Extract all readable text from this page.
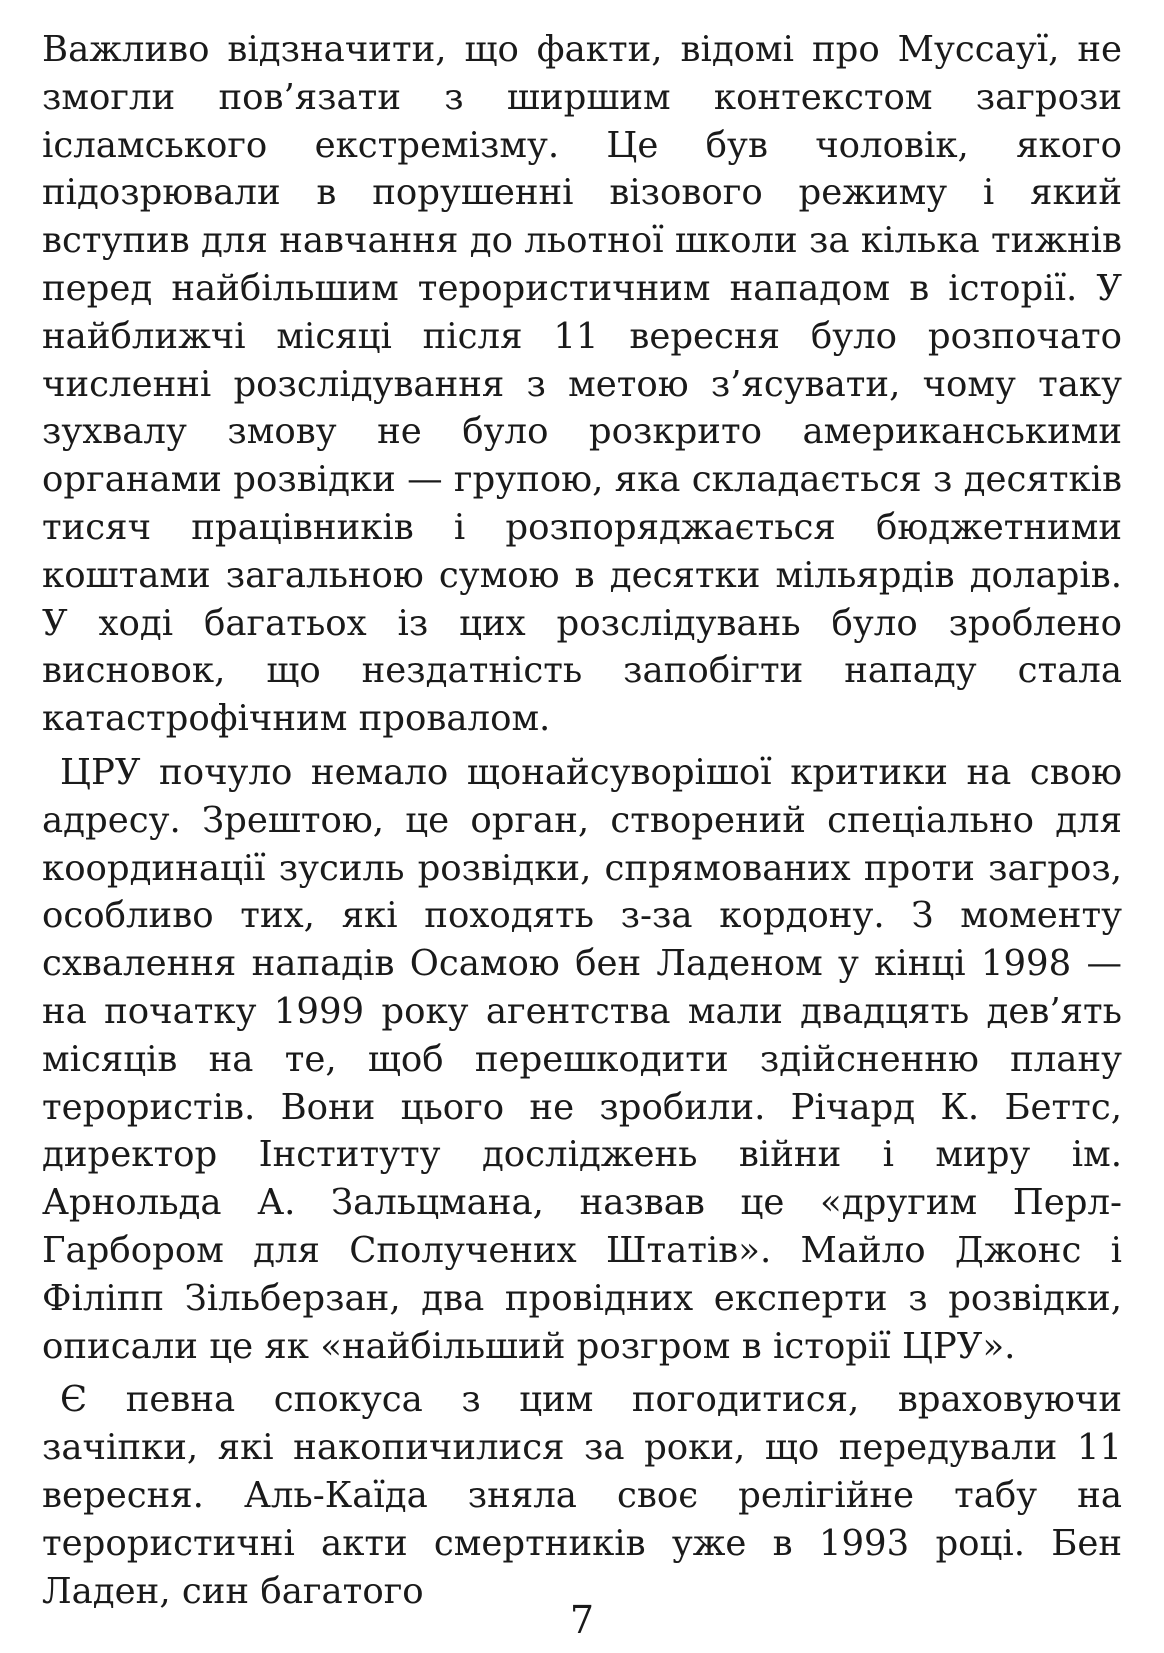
Важливо відзначити, що факти, відомі про Муссауї, не змогли пов’язати з ширшим контекстом загрози ісламського екстремізму. Це був чоловік, якого підозрювали в порушенні візового режиму і який вступив для навчання до льотної школи за кілька тижнів перед найбільшим терористичним нападом в історії. У найближчі місяці після 11 вересня було розпочато численні розслідування з метою з’ясувати, чому таку зухвалу змову не було розкрито американськими органами розвідки — групою, яка складається з десятків тисяч працівників і розпоряджається бюджетними коштами загальною сумою в десятки мільярдів доларів. У ході багатьох із цих розслідувань було зроблено висновок, що нездатність запобігти нападу стала катастрофічним провалом.

ЦРУ почуло немало щонайсуворішої критики на свою адресу. Зрештою, це орган, створений спеціально для координації зусиль розвідки, спрямованих проти загроз, особливо тих, які походять з-за кордону. З моменту схвалення нападів Осамою бен Ладеном у кінці 1998 — на початку 1999 року агентства мали двадцять дев’ять місяців на те, щоб перешкодити здійсненню плану терористів. Вони цього не зробили. Річард К. Беттс, директор Інституту досліджень війни і миру ім. Арнольда А. Зальцмана, назвав це «другим Перл-Гарбором для Сполучених Штатів». Майло Джонс і Філіпп Зільберзан, два провідних експерти з розвідки, описали це як «найбільший розгром в історії ЦРУ».

Є певна спокуса з цим погодитися, враховуючи зачіпки, які накопичилися за роки, що передували 11 вересня. Аль-Каїда зняла своє релігійне табу на терористичні акти смертників уже в 1993 році. Бен Ладен, син багатого

7
